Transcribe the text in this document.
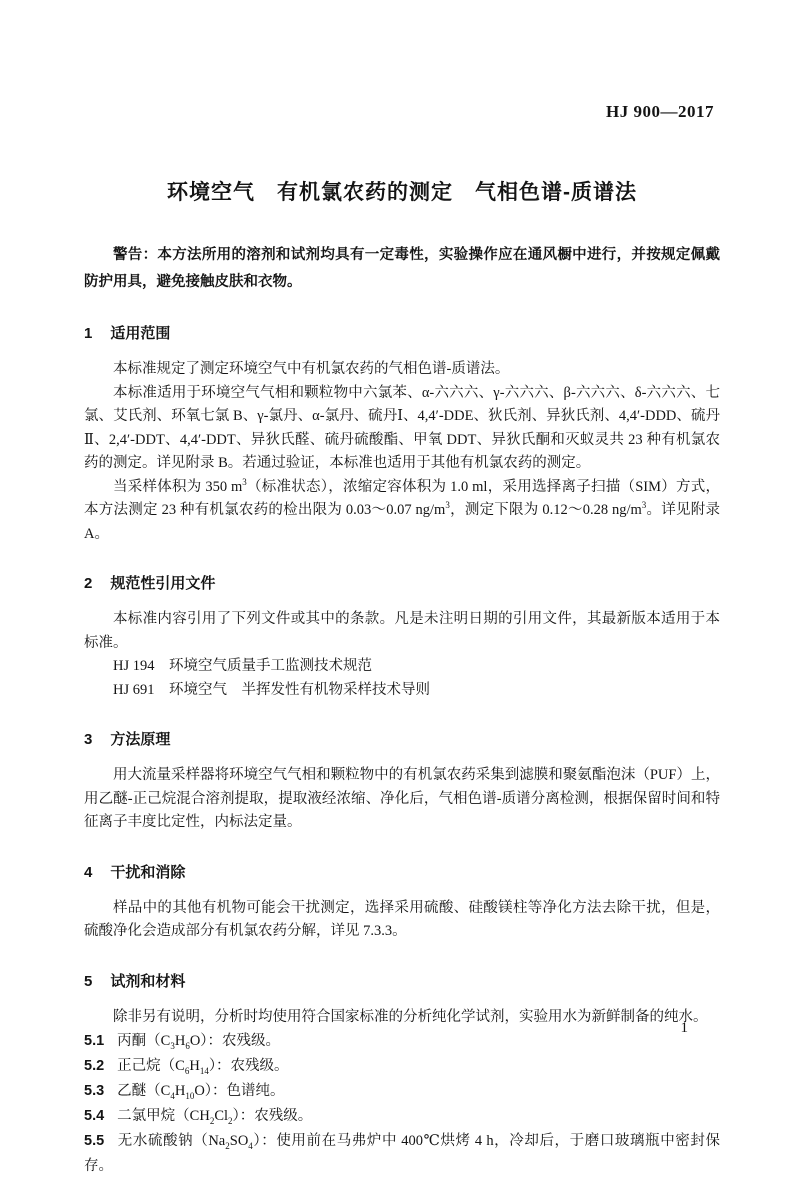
HJ 900—2017
环境空气　有机氯农药的测定　气相色谱-质谱法

警告：本方法所用的溶剂和试剂均具有一定毒性，实验操作应在通风橱中进行，并按规定佩戴防护用具，避免接触皮肤和衣物。

1 适用范围

本标准规定了测定环境空气中有机氯农药的气相色谱-质谱法。

本标准适用于环境空气气相和颗粒物中六氯苯、α-六六六、γ-六六六、β-六六六、δ-六六六、七氯、艾氏剂、环氧七氯 B、γ-氯丹、α-氯丹、硫丹Ⅰ、4,4′-DDE、狄氏剂、异狄氏剂、4,4′-DDD、硫丹Ⅱ、2,4′-DDT、4,4′-DDT、异狄氏醛、硫丹硫酸酯、甲氧 DDT、异狄氏酮和灭蚁灵共 23 种有机氯农药的测定。详见附录 B。若通过验证，本标准也适用于其他有机氯农药的测定。

当采样体积为 350 $m^3$（标准状态），浓缩定容体积为 1.0 ml，采用选择离子扫描（SIM）方式，本方法测定 23 种有机氯农药的检出限为 0.03～0.07 $ng/m^3$，测定下限为 0.12～0.28 $ng/m^3$。详见附录 A。

2 规范性引用文件

本标准内容引用了下列文件或其中的条款。凡是未注明日期的引用文件，其最新版本适用于本标准。

HJ 194　环境空气质量手工监测技术规范

HJ 691　环境空气　半挥发性有机物采样技术导则

3 方法原理

用大流量采样器将环境空气气相和颗粒物中的有机氯农药采集到滤膜和聚氨酯泡沫（PUF）上，用乙醚-正己烷混合溶剂提取，提取液经浓缩、净化后，气相色谱-质谱分离检测，根据保留时间和特征离子丰度比定性，内标法定量。

4 干扰和消除

样品中的其他有机物可能会干扰测定，选择采用硫酸、硅酸镁柱等净化方法去除干扰，但是，硫酸净化会造成部分有机氯农药分解，详见 7.3.3。

5 试剂和材料

除非另有说明，分析时均使用符合国家标准的分析纯化学试剂，实验用水为新鲜制备的纯水。

5.1 丙酮$(C_3H_6O)$：农残级。

5.2 正己烷$(C_6H_{14})$：农残级。

5.3 乙醚$(C_4H_{10}O)$：色谱纯。

5.4 二氯甲烷$(CH_2Cl_2)$：农残级。

5.5 无水硫酸钠$(Na_2SO_4)$：使用前在马弗炉中 400℃烘烤 4 h，冷却后，于磨口玻璃瓶中密封保存。

1
